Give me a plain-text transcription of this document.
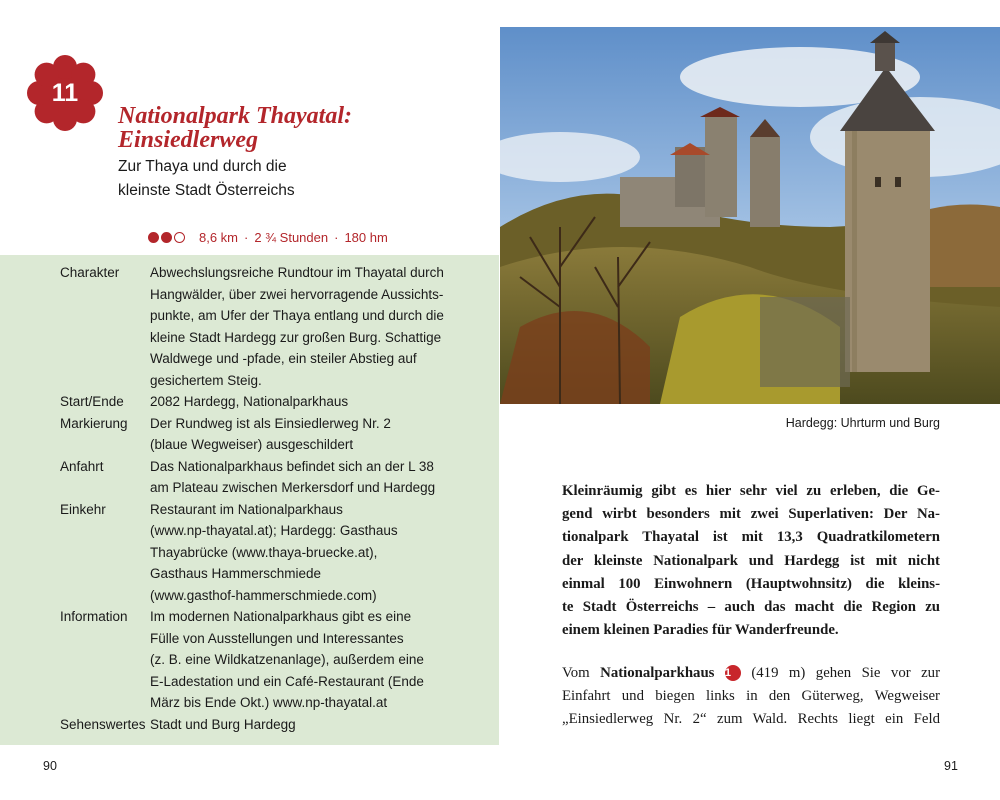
11
Nationalpark Thayatal:
Einsiedlerweg
Zur Thaya und durch die
kleinste Stadt Österreichs
8,6 km · 2 ¾ Stunden · 180 hm
Charakter	Abwechslungsreiche Rundtour im Thayatal durch
Hangwälder, über zwei hervorragende Aussichts-
punkte, am Ufer der Thaya entlang und durch die
kleine Stadt Hardegg zur großen Burg. Schattige
Waldwege und -pfade, ein steiler Abstieg auf
gesichertem Steig.
Start/Ende	2082 Hardegg, Nationalparkhaus
Markierung	Der Rundweg ist als Einsiedlerweg Nr. 2
(blaue Wegweiser) ausgeschildert
Anfahrt	Das Nationalparkhaus befindet sich an der L 38
am Plateau zwischen Merkersdorf und Hardegg
Einkehr	Restaurant im Nationalparkhaus
(www.np-thayatal.at); Hardegg: Gasthaus
Thayabrücke (www.thaya-bruecke.at),
Gasthaus Hammerschmiede
(www.gasthof-hammerschmiede.com)
Information	Im modernen Nationalparkhaus gibt es eine
Fülle von Ausstellungen und Interessantes
(z. B. eine Wildkatzenanlage), außerdem eine
E-Ladestation und ein Café-Restaurant (Ende
März bis Ende Okt.) www.np-thayatal.at
Sehenswertes Stadt und Burg Hardegg
90
Hardegg: Uhrturm und Burg
Kleinräumig gibt es hier sehr viel zu erleben, die Ge-
gend wirbt besonders mit zwei Superlativen: Der Na-
tionalpark Thayatal ist mit 13,3 Quadratkilometern
der kleinste Nationalpark und Hardegg ist mit nicht
einmal 100 Einwohnern (Hauptwohnsitz) die kleins-
te Stadt Österreichs – auch das macht die Region zu
einem kleinen Paradies für Wanderfreunde.
Vom Nationalparkhaus 1 (419 m) gehen Sie vor zur
Einfahrt und biegen links in den Güterweg, Wegweiser
„Einsiedlerweg Nr. 2“ zum Wald. Rechts liegt ein Feld
91
